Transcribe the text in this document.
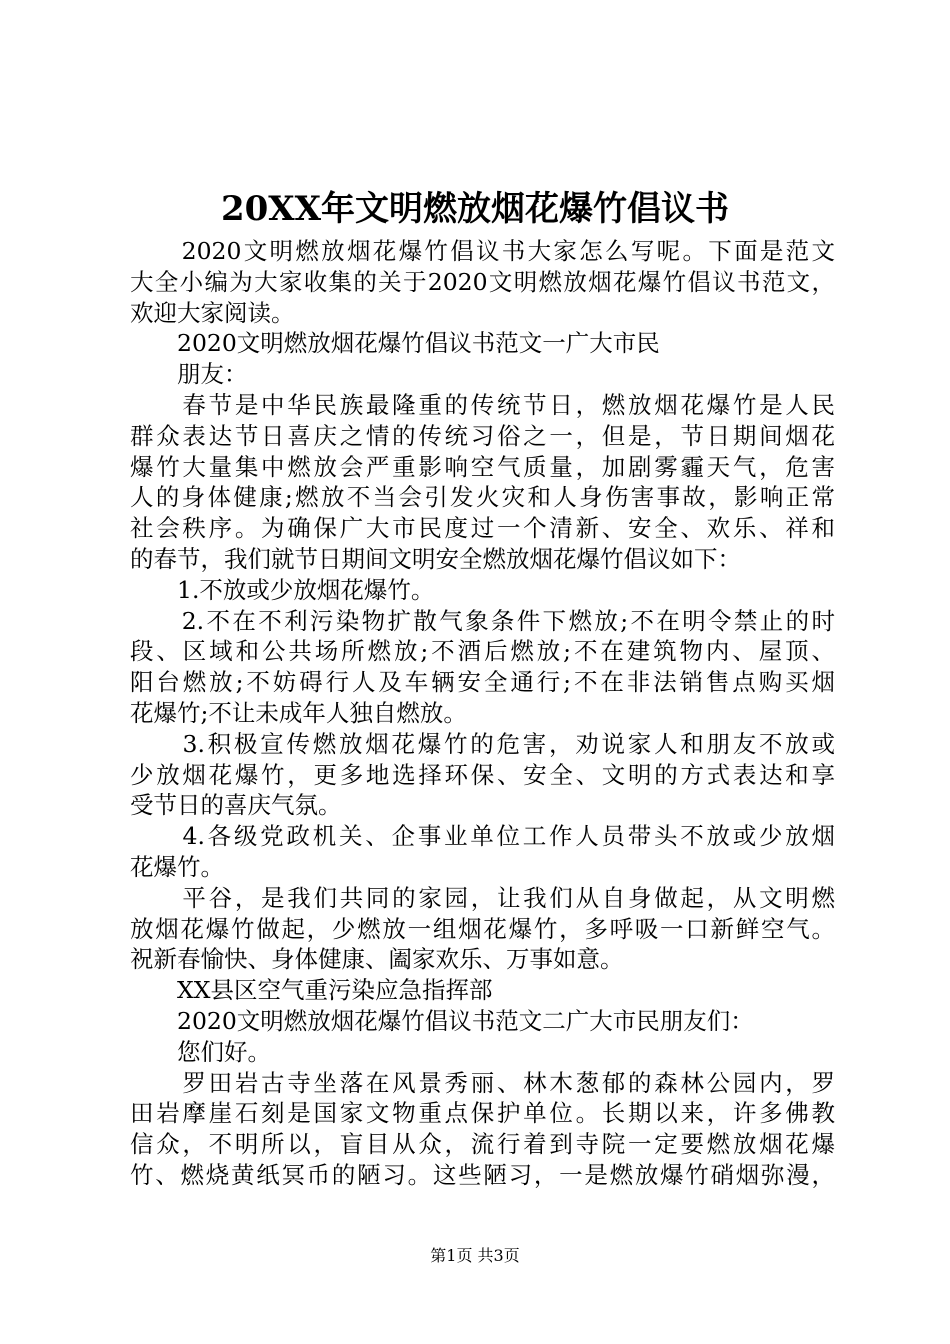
20XX年文明燃放烟花爆竹倡议书
　　2020文明燃放烟花爆竹倡议书大家怎么写呢。下面是范文
大全小编为大家收集的关于2020文明燃放烟花爆竹倡议书范文，
欢迎大家阅读。
　　2020文明燃放烟花爆竹倡议书范文一广大市民
　　朋友：
　　春节是中华民族最隆重的传统节日，燃放烟花爆竹是人民
群众表达节日喜庆之情的传统习俗之一，但是，节日期间烟花
爆竹大量集中燃放会严重影响空气质量，加剧雾霾天气，危害
人的身体健康;燃放不当会引发火灾和人身伤害事故，影响正常
社会秩序。为确保广大市民度过一个清新、安全、欢乐、祥和
的春节，我们就节日期间文明安全燃放烟花爆竹倡议如下：
　　1.不放或少放烟花爆竹。
　　2.不在不利污染物扩散气象条件下燃放;不在明令禁止的时
段、区域和公共场所燃放;不酒后燃放;不在建筑物内、屋顶、
阳台燃放;不妨碍行人及车辆安全通行;不在非法销售点购买烟
花爆竹;不让未成年人独自燃放。
　　3.积极宣传燃放烟花爆竹的危害，劝说家人和朋友不放或
少放烟花爆竹，更多地选择环保、安全、文明的方式表达和享
受节日的喜庆气氛。
　　4.各级党政机关、企事业单位工作人员带头不放或少放烟
花爆竹。
　　平谷，是我们共同的家园，让我们从自身做起，从文明燃
放烟花爆竹做起，少燃放一组烟花爆竹，多呼吸一口新鲜空气。
祝新春愉快、身体健康、阖家欢乐、万事如意。
　　XX县区空气重污染应急指挥部
　　2020文明燃放烟花爆竹倡议书范文二广大市民朋友们：
　　您们好。
　　罗田岩古寺坐落在风景秀丽、林木葱郁的森林公园内，罗
田岩摩崖石刻是国家文物重点保护单位。长期以来，许多佛教
信众，不明所以，盲目从众，流行着到寺院一定要燃放烟花爆
竹、燃烧黄纸冥币的陋习。这些陋习，一是燃放爆竹硝烟弥漫，
第1页 共3页
